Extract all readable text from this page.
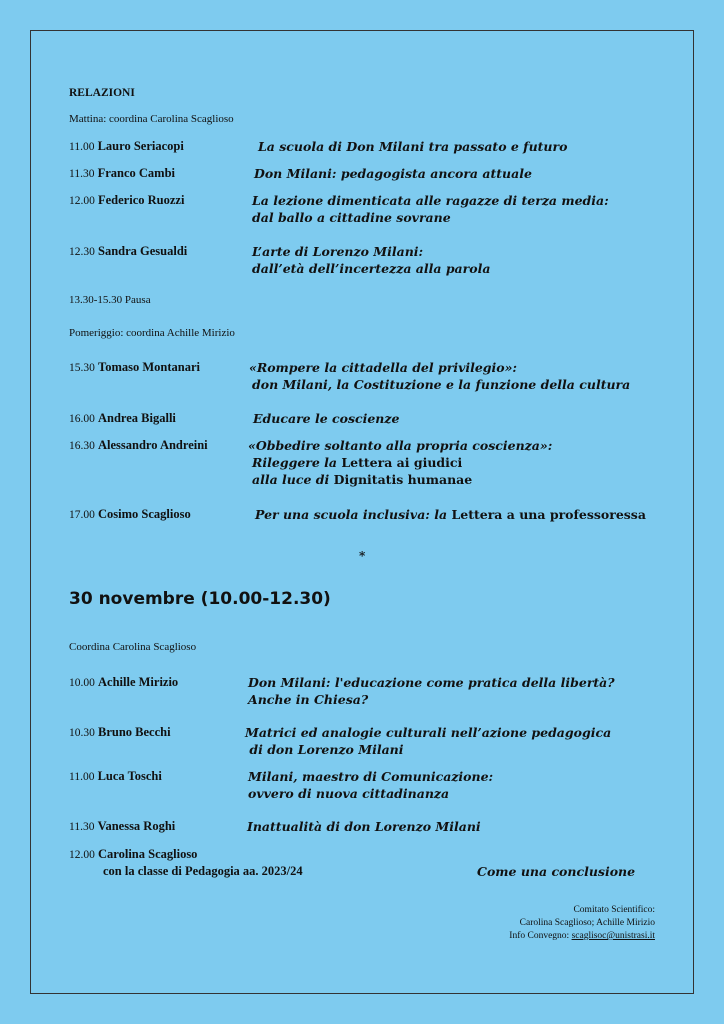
RELAZIONI
Mattina: coordina Carolina Scaglioso
11.00 Lauro Seriacopi	La scuola di Don Milani tra passato e futuro
11.30 Franco Cambi	Don Milani: pedagogista ancora attuale
12.00 Federico Ruozzi	La lezione dimenticata alle ragazze di terza media:
dal ballo a cittadine sovrane
12.30 Sandra Gesualdi	L’arte di Lorenzo Milani:
dall’età dell’incertezza alla parola
13.30-15.30 Pausa
Pomeriggio: coordina Achille Mirizio
15.30 Tomaso Montanari	«Rompere la cittadella del privilegio»:
don Milani, la Costituzione e la funzione della cultura
16.00 Andrea Bigalli	Educare le coscienze
16.30 Alessandro Andreini	«Obbedire soltanto alla propria coscienza»:
Rileggere la Lettera ai giudici
alla luce di Dignitatis humanae
17.00 Cosimo Scaglioso	Per una scuola inclusiva: la Lettera a una professoressa
*
30 novembre (10.00-12.30)
Coordina Carolina Scaglioso
10.00 Achille Mirizio	Don Milani: l'educazione come pratica della libertà?
Anche in Chiesa?
10.30 Bruno Becchi	Matrici ed analogie culturali nell’azione pedagogica
di don Lorenzo Milani
11.00 Luca Toschi	Milani, maestro di Comunicazione:
ovvero di nuova cittadinanza
11.30 Vanessa Roghi	Inattualità di don Lorenzo Milani
12.00 Carolina Scaglioso
con la classe di Pedagogia aa. 2023/24	Come una conclusione
Comitato Scientifico:
Carolina Scaglioso; Achille Mirizio
Info Convegno: scaglisoc@unistrasi.it
